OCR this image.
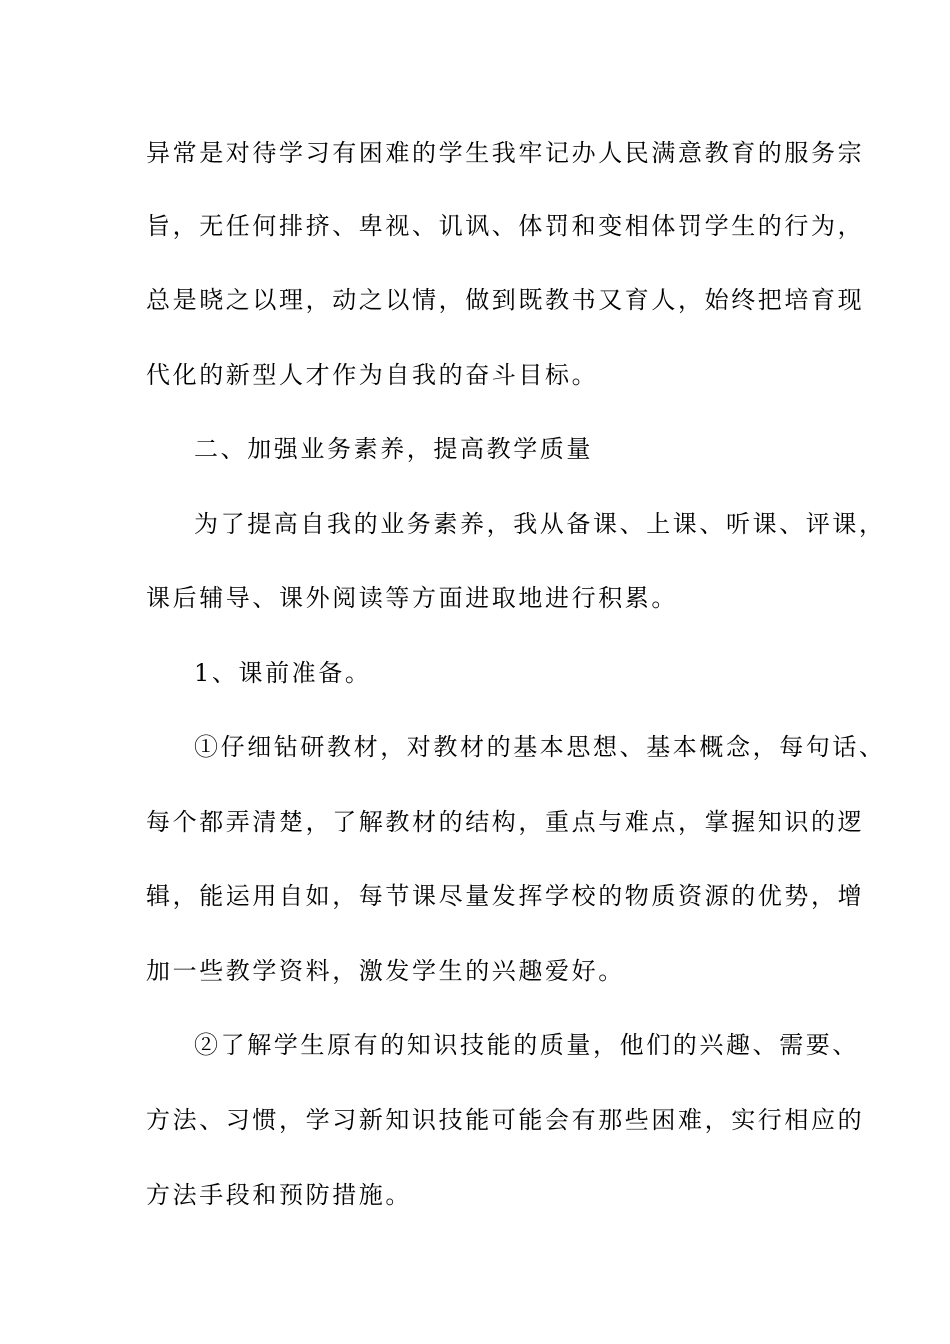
异常是对待学习有困难的学生我牢记办人民满意教育的服务宗
旨，无任何排挤、卑视、讥讽、体罚和变相体罚学生的行为，
总是晓之以理，动之以情，做到既教书又育人，始终把培育现
代化的新型人才作为自我的奋斗目标。
二、加强业务素养，提高教学质量
为了提高自我的业务素养，我从备课、上课、听课、评课，
课后辅导、课外阅读等方面进取地进行积累。
1、课前准备。
①仔细钻研教材，对教材的基本思想、基本概念，每句话、
每个都弄清楚，了解教材的结构，重点与难点，掌握知识的逻
辑，能运用自如，每节课尽量发挥学校的物质资源的优势，增
加一些教学资料，激发学生的兴趣爱好。
②了解学生原有的知识技能的质量，他们的兴趣、需要、
方法、习惯，学习新知识技能可能会有那些困难，实行相应的
方法手段和预防措施。
